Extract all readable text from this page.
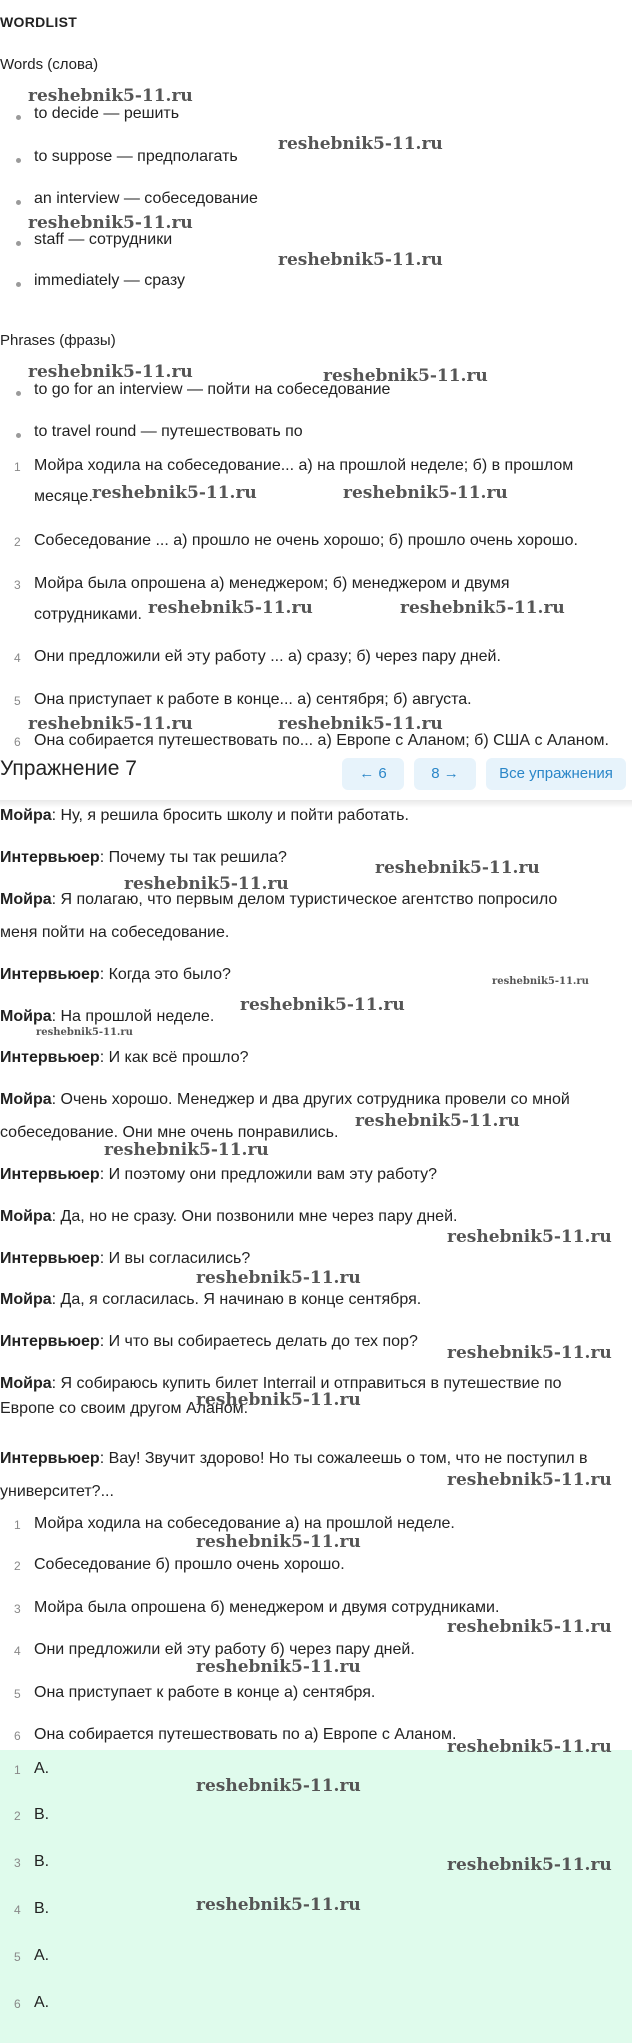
WORDLIST
Words (слова)
to decide — решить
to suppose — предполагать
an interview — собеседование
staff — сотрудники
immediately — сразу
Phrases (фразы)
to go for an interview — пойти на собеседование
to travel round — путешествовать по
1 Мойра ходила на собеседование... а) на прошлой неделе; б) в прошлом
месяце.
2 Собеседование ... а) прошло не очень хорошо; б) прошло очень хорошо.
3 Мойра была опрошена а) менеджером; б) менеджером и двумя
сотрудниками.
4 Они предложили ей эту работу ... а) сразу; б) через пару дней.
5 Она приступает к работе в конце... а) сентября; б) августа.
6 Она собирается путешествовать по... а) Европе с Аланом; б) США с Аланом.
Упражнение 7	← 6	8 →	Все упражнения
Мойра: Ну, я решила бросить школу и пойти работать.
Интервьюер: Почему ты так решила?
Мойра: Я полагаю, что первым делом туристическое агентство попросило
меня пойти на собеседование.
Интервьюер: Когда это было?
Мойра: На прошлой неделе.
Интервьюер: И как всё прошло?
Мойра: Очень хорошо. Менеджер и два других сотрудника провели со мной
собеседование. Они мне очень понравились.
Интервьюер: И поэтому они предложили вам эту работу?
Мойра: Да, но не сразу. Они позвонили мне через пару дней.
Интервьюер: И вы согласились?
Мойра: Да, я согласилась. Я начинаю в конце сентября.
Интервьюер: И что вы собираетесь делать до тех пор?
Мойра: Я собираюсь купить билет Interrail и отправиться в путешествие по
Европе со своим другом Аланом.
Интервьюер: Вау! Звучит здорово! Но ты сожалеешь о том, что не поступил в
университет?...
1 Мойра ходила на собеседование а) на прошлой неделе.
2 Собеседование б) прошло очень хорошо.
3 Мойра была опрошена б) менеджером и двумя сотрудниками.
4 Они предложили ей эту работу б) через пару дней.
5 Она приступает к работе в конце а) сентября.
6 Она собирается путешествовать по а) Европе с Аланом.
1 A.
2 B.
3 B.
4 B.
5 A.
6 A.
reshebnik5-11.ru
reshebnik5-11.ru
reshebnik5-11.ru
reshebnik5-11.ru
reshebnik5-11.ru	reshebnik5-11.ru
reshebnik5-11.ru	reshebnik5-11.ru
reshebnik5-11.ru	reshebnik5-11.ru
reshebnik5-11.ru	reshebnik5-11.ru
reshebnik5-11.ru
reshebnik5-11.ru
reshebnik5-11.ru
reshebnik5-11.ru
reshebnik5-11.ru
reshebnik5-11.ru
reshebnik5-11.ru
reshebnik5-11.ru
reshebnik5-11.ru
reshebnik5-11.ru
reshebnik5-11.ru
reshebnik5-11.ru
reshebnik5-11.ru
reshebnik5-11.ru
reshebnik5-11.ru
reshebnik5-11.ru
reshebnik5-11.ru
reshebnik5-11.ru
reshebnik5-11.ru
